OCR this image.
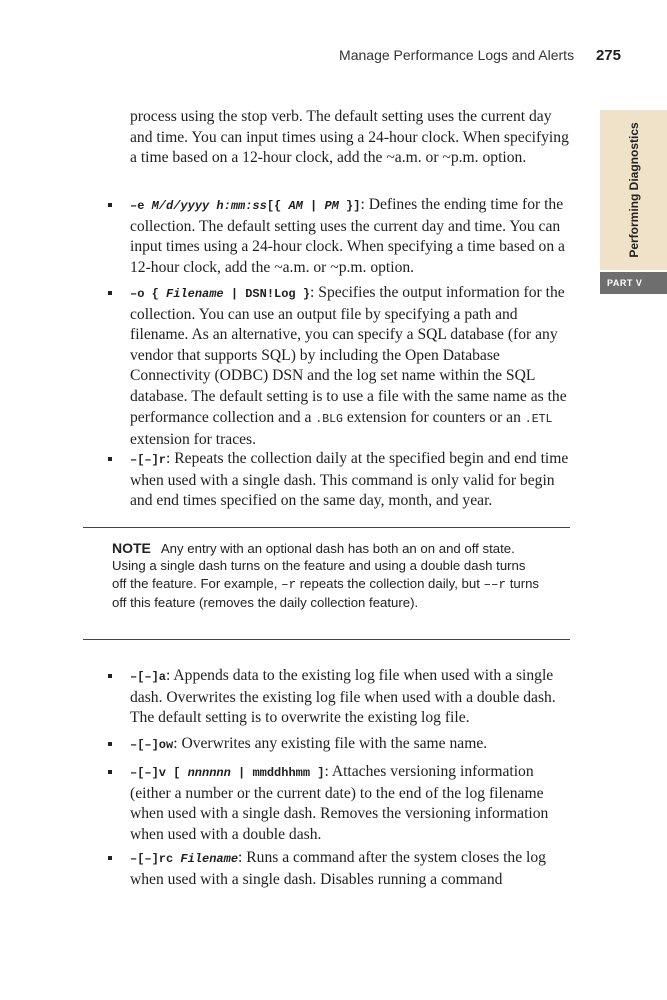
Manage Performance Logs and Alerts 275
Performing Diagnostics
PART V
process using the stop verb. The default setting uses the current day and time. You can input times using a 24-hour clock. When specifying a time based on a 12-hour clock, add the ~a.m. or ~p.m. option.
–e M/d/yyyy h:mm:ss[{ AM | PM }]: Defines the ending time for the collection. The default setting uses the current day and time. You can input times using a 24-hour clock. When specifying a time based on a 12-hour clock, add the ~a.m. or ~p.m. option.
–o { Filename | DSN!Log }: Specifies the output information for the collection. You can use an output file by specifying a path and filename. As an alternative, you can specify a SQL database (for any vendor that supports SQL) by including the Open Database Connectivity (ODBC) DSN and the log set name within the SQL database. The default setting is to use a file with the same name as the performance collection and a .BLG extension for counters or an .ETL extension for traces.
–[–]r: Repeats the collection daily at the specified begin and end time when used with a single dash. This command is only valid for begin and end times specified on the same day, month, and year.
NOTE Any entry with an optional dash has both an on and off state. Using a single dash turns on the feature and using a double dash turns off the feature. For example, –r repeats the collection daily, but ––r turns off this feature (removes the daily collection feature).
–[–]a: Appends data to the existing log file when used with a single dash. Overwrites the existing log file when used with a double dash. The default setting is to overwrite the existing log file.
–[–]ow: Overwrites any existing file with the same name.
–[–]v [ nnnnnn | mmddhhmm ]: Attaches versioning information (either a number or the current date) to the end of the log filename when used with a single dash. Removes the versioning information when used with a double dash.
–[–]rc Filename: Runs a command after the system closes the log when used with a single dash. Disables running a command
